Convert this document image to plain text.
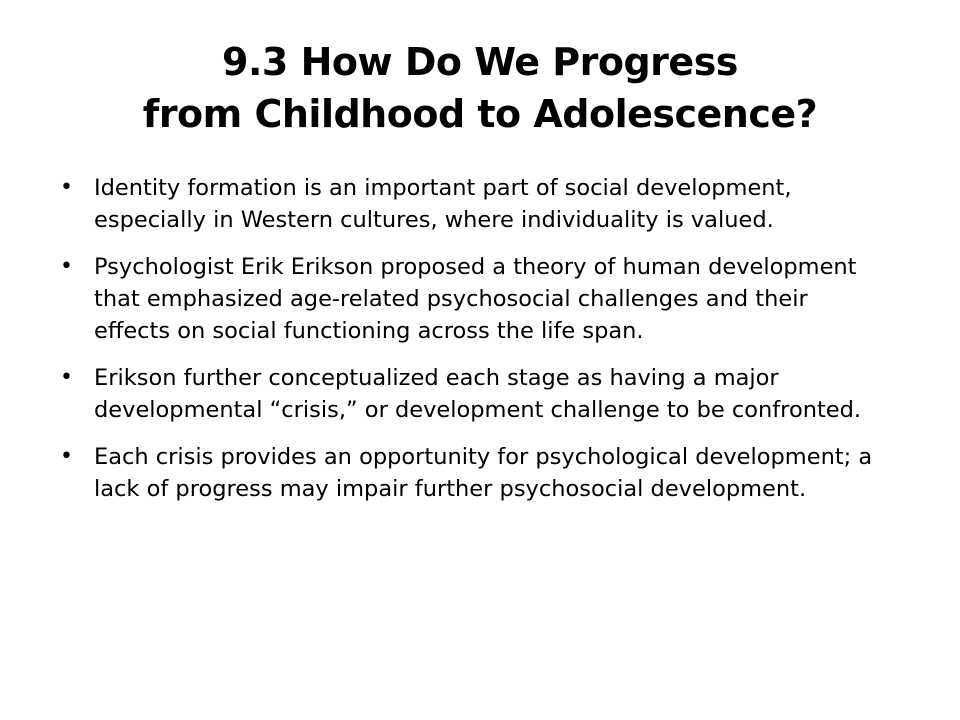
9.3 How Do We Progress
from Childhood to Adolescence?
• Identity formation is an important part of social development, especially in Western cultures, where individuality is valued.
• Psychologist Erik Erikson proposed a theory of human development that emphasized age-related psychosocial challenges and their effects on social functioning across the life span.
• Erikson further conceptualized each stage as having a major developmental “crisis,” or development challenge to be confronted.
• Each crisis provides an opportunity for psychological development; a lack of progress may impair further psychosocial development.
